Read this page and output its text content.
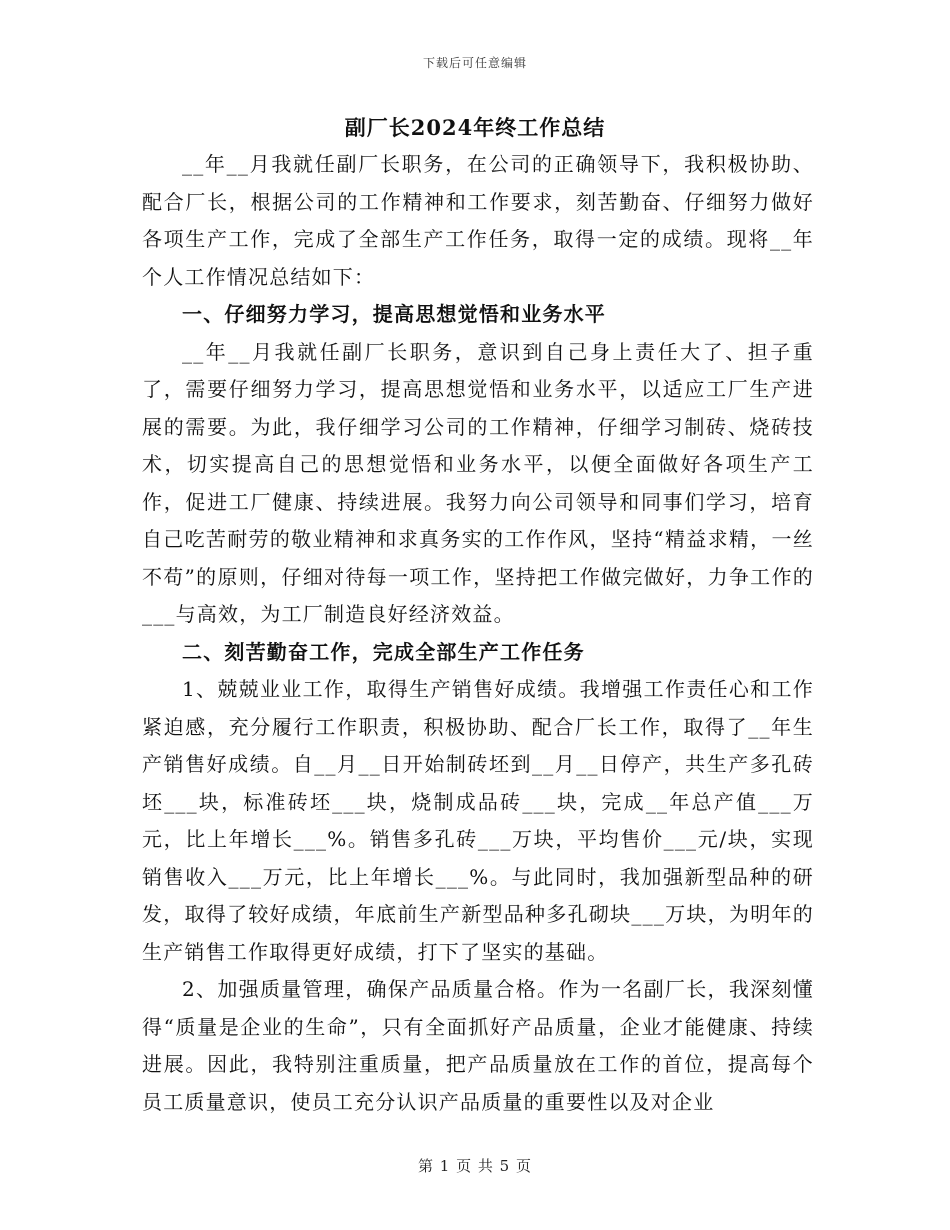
下载后可任意编辑
副厂长2024年终工作总结

__年__月我就任副厂长职务，在公司的正确领导下，我积极协助、配合厂长，根据公司的工作精神和工作要求，刻苦勤奋、仔细努力做好各项生产工作，完成了全部生产工作任务，取得一定的成绩。现将__年个人工作情况总结如下：

一、仔细努力学习，提高思想觉悟和业务水平

__年__月我就任副厂长职务，意识到自己身上责任大了、担子重了，需要仔细努力学习，提高思想觉悟和业务水平，以适应工厂生产进展的需要。为此，我仔细学习公司的工作精神，仔细学习制砖、烧砖技术，切实提高自己的思想觉悟和业务水平，以便全面做好各项生产工作，促进工厂健康、持续进展。我努力向公司领导和同事们学习，培育自己吃苦耐劳的敬业精神和求真务实的工作作风，坚持“精益求精，一丝不苟”的原则，仔细对待每一项工作，坚持把工作做完做好，力争工作的___与高效，为工厂制造良好经济效益。

二、刻苦勤奋工作，完成全部生产工作任务

1、兢兢业业工作，取得生产销售好成绩。我增强工作责任心和工作紧迫感，充分履行工作职责，积极协助、配合厂长工作，取得了__年生产销售好成绩。自__月__日开始制砖坯到__月__日停产，共生产多孔砖坯___块，标准砖坯___块，烧制成品砖___块，完成__年总产值___万元，比上年增长___%。销售多孔砖___万块，平均售价___元/块，实现销售收入___万元，比上年增长___%。与此同时，我加强新型品种的研发，取得了较好成绩，年底前生产新型品种多孔砌块___万块，为明年的生产销售工作取得更好成绩，打下了坚实的基础。

2、加强质量管理，确保产品质量合格。作为一名副厂长，我深刻懂得“质量是企业的生命”，只有全面抓好产品质量，企业才能健康、持续进展。因此，我特别注重质量，把产品质量放在工作的首位，提高每个员工质量意识，使员工充分认识产品质量的重要性以及对企业

第 1 页 共 5 页
